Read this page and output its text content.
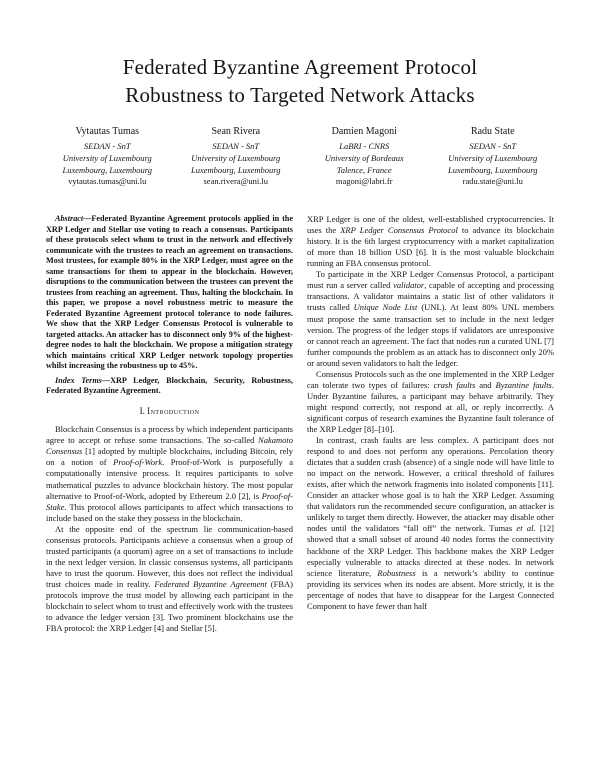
Federated Byzantine Agreement Protocol
Robustness to Targeted Network Attacks
Vytautas Tumas
SEDAN - SnT
University of Luxembourg
Luxembourg, Luxembourg
vytautas.tumas@uni.lu
Sean Rivera
SEDAN - SnT
University of Luxembourg
Luxembourg, Luxembourg
sean.rivera@uni.lu
Damien Magoni
LaBRI - CNRS
University of Bordeaux
Talence, France
magoni@labri.fr
Radu State
SEDAN - SnT
University of Luxembourg
Luxembourg, Luxembourg
radu.state@uni.lu

Abstract—Federated Byzantine Agreement protocols applied in the XRP Ledger and Stellar use voting to reach a consensus. Participants of these protocols select whom to trust in the network and effectively communicate with the trustees to reach an agreement on transactions. Most trustees, for example 80% in the XRP Ledger, must agree on the same transactions for them to appear in the blockchain. However, disruptions to the communication between the trustees can prevent the trustees from reaching an agreement. Thus, halting the blockchain. In this paper, we propose a novel robustness metric to measure the Federated Byzantine Agreement protocol tolerance to node failures. We show that the XRP Ledger Consensus Protocol is vulnerable to targeted attacks. An attacker has to disconnect only 9% of the highest-degree nodes to halt the blockchain. We propose a mitigation strategy which maintains critical XRP Ledger network topology properties whilst increasing the robustness up to 45%.

Index Terms—XRP Ledger, Blockchain, Security, Robustness, Federated Byzantine Agreement.

I. Introduction

Blockchain Consensus is a process by which independent participants agree to accept or refuse some transactions. The so-called Nakamoto Consensus [1] adopted by multiple blockchains, including Bitcoin, rely on a notion of Proof-of-Work. Proof-of-Work is purposefully a computationally intensive process. It requires participants to solve mathematical puzzles to advance blockchain history. The most popular alternative to Proof-of-Work, adopted by Ethereum 2.0 [2], is Proof-of-Stake. This protocol allows participants to affect which transactions to include based on the stake they possess in the blockchain.

At the opposite end of the spectrum lie communication-based consensus protocols. Participants achieve a consensus when a group of trusted participants (a quorum) agree on a set of transactions to include in the next ledger version. In classic consensus systems, all participants have to trust the quorum. However, this does not reflect the individual trust choices made in reality. Federated Byzantine Agreement (FBA) protocols improve the trust model by allowing each participant in the blockchain to select whom to trust and effectively work with the trustees to advance the ledger version [3]. Two prominent blockchains use the FBA protocol: the XRP Ledger [4] and Stellar [5].

XRP Ledger is one of the oldest, well-established cryptocurrencies. It uses the XRP Ledger Consensus Protocol to advance its blockchain history. It is the 6th largest cryptocurrency with a market capitalization of more than 18 billion USD [6]. It is the most valuable blockchain running an FBA consensus protocol.

To participate in the XRP Ledger Consensus Protocol, a participant must run a server called validator, capable of accepting and processing transactions. A validator maintains a static list of other validators it trusts called Unique Node List (UNL). At least 80% UNL members must propose the same transaction set to include in the next ledger version. The progress of the ledger stops if validators are unresponsive or cannot reach an agreement. The fact that nodes run a curated UNL [7] further compounds the problem as an attack has to disconnect only 20% or around seven validators to halt the ledger.

Consensus Protocols such as the one implemented in the XRP Ledger can tolerate two types of failures: crash faults and Byzantine faults. Under Byzantine failures, a participant may behave arbitrarily. They might respond correctly, not respond at all, or reply incorrectly. A significant corpus of research examines the Byzantine fault tolerance of the XRP Ledger [8]–[10].

In contrast, crash faults are less complex. A participant does not respond to and does not perform any operations. Percolation theory dictates that a sudden crash (absence) of a single node will have little to no impact on the network. However, a critical threshold of failures exists, after which the network fragments into isolated components [11]. Consider an attacker whose goal is to halt the XRP Ledger. Assuming that validators run the recommended secure configuration, an attacker is unlikely to target them directly. However, the attacker may disable other nodes until the validators “fall off” the network. Tumas et al. [12] showed that a small subset of around 40 nodes forms the connectivity backbone of the XRP Ledger. This backbone makes the XRP Ledger especially vulnerable to attacks directed at these nodes. In network science literature, Robustness is a network’s ability to continue providing its services when its nodes are absent. More strictly, it is the percentage of nodes that have to disappear for the Largest Connected Component to have fewer than half
